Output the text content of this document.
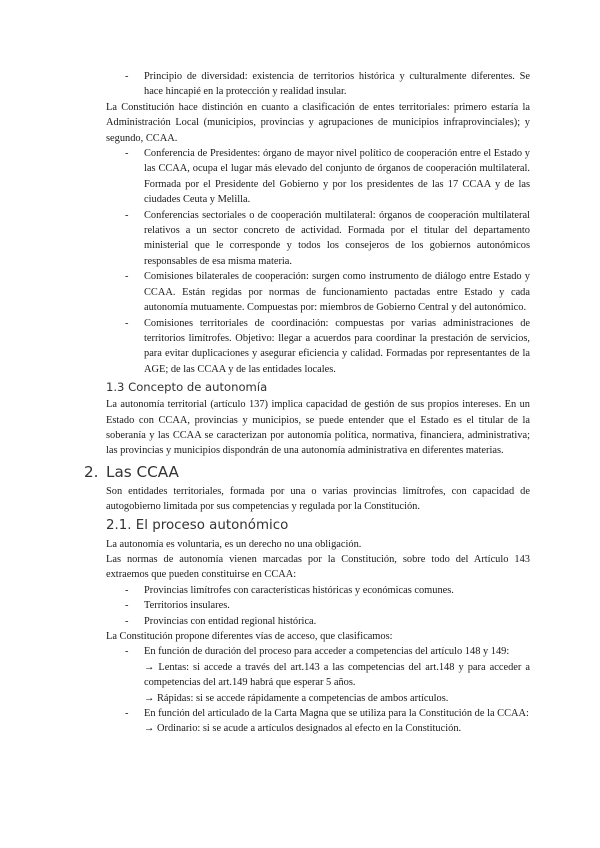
- Principio de diversidad: existencia de territorios histórica y culturalmente diferentes. Se hace hincapié en la protección y realidad insular.

La Constitución hace distinción en cuanto a clasificación de entes territoriales: primero estaría la Administración Local (municipios, provincias y agrupaciones de municipios infraprovinciales); y segundo, CCAA.

- Conferencia de Presidentes: órgano de mayor nivel político de cooperación entre el Estado y las CCAA, ocupa el lugar más elevado del conjunto de órganos de cooperación multilateral. Formada por el Presidente del Gobierno y por los presidentes de las 17 CCAA y de las ciudades Ceuta y Melilla.
- Conferencias sectoriales o de cooperación multilateral: órganos de cooperación multilateral relativos a un sector concreto de actividad. Formada por el titular del departamento ministerial que le corresponde y todos los consejeros de los gobiernos autonómicos responsables de esa misma materia.
- Comisiones bilaterales de cooperación: surgen como instrumento de diálogo entre Estado y CCAA. Están regidas por normas de funcionamiento pactadas entre Estado y cada autonomía mutuamente. Compuestas por: miembros de Gobierno Central y del autonómico.
- Comisiones territoriales de coordinación: compuestas por varias administraciones de territorios limítrofes. Objetivo: llegar a acuerdos para coordinar la prestación de servicios, para evitar duplicaciones y asegurar eficiencia y calidad. Formadas por representantes de la AGE; de las CCAA y de las entidades locales.
1.3 Concepto de autonomía

La autonomía territorial (artículo 137) implica capacidad de gestión de sus propios intereses. En un Estado con CCAA, provincias y municipios, se puede entender que el Estado es el titular de la soberanía y las CCAA se caracterizan por autonomía política, normativa, financiera, administrativa; las provincias y municipios dispondrán de una autonomía administrativa en diferentes materias.

2. Las CCAA

Son entidades territoriales, formada por una o varias provincias limítrofes, con capacidad de autogobierno limitada por sus competencias y regulada por la Constitución.

2.1. El proceso autonómico

La autonomía es voluntaria, es un derecho no una obligación.

Las normas de autonomía vienen marcadas por la Constitución, sobre todo del Artículo 143 extraemos que pueden constituirse en CCAA:

- Provincias limítrofes con características históricas y económicas comunes.
- Territorios insulares.
- Provincias con entidad regional histórica.

La Constitución propone diferentes vías de acceso, que clasificamos:

- En función de duración del proceso para acceder a competencias del artículo 148 y 149:

→ Lentas: si accede a través del art.143 a las competencias del art.148 y para acceder a competencias del art.149 habrá que esperar 5 años.

→ Rápidas: si se accede rápidamente a competencias de ambos artículos.

- En función del articulado de la Carta Magna que se utiliza para la Constitución de la CCAA:

→ Ordinario: si se acude a artículos designados al efecto en la Constitución.
